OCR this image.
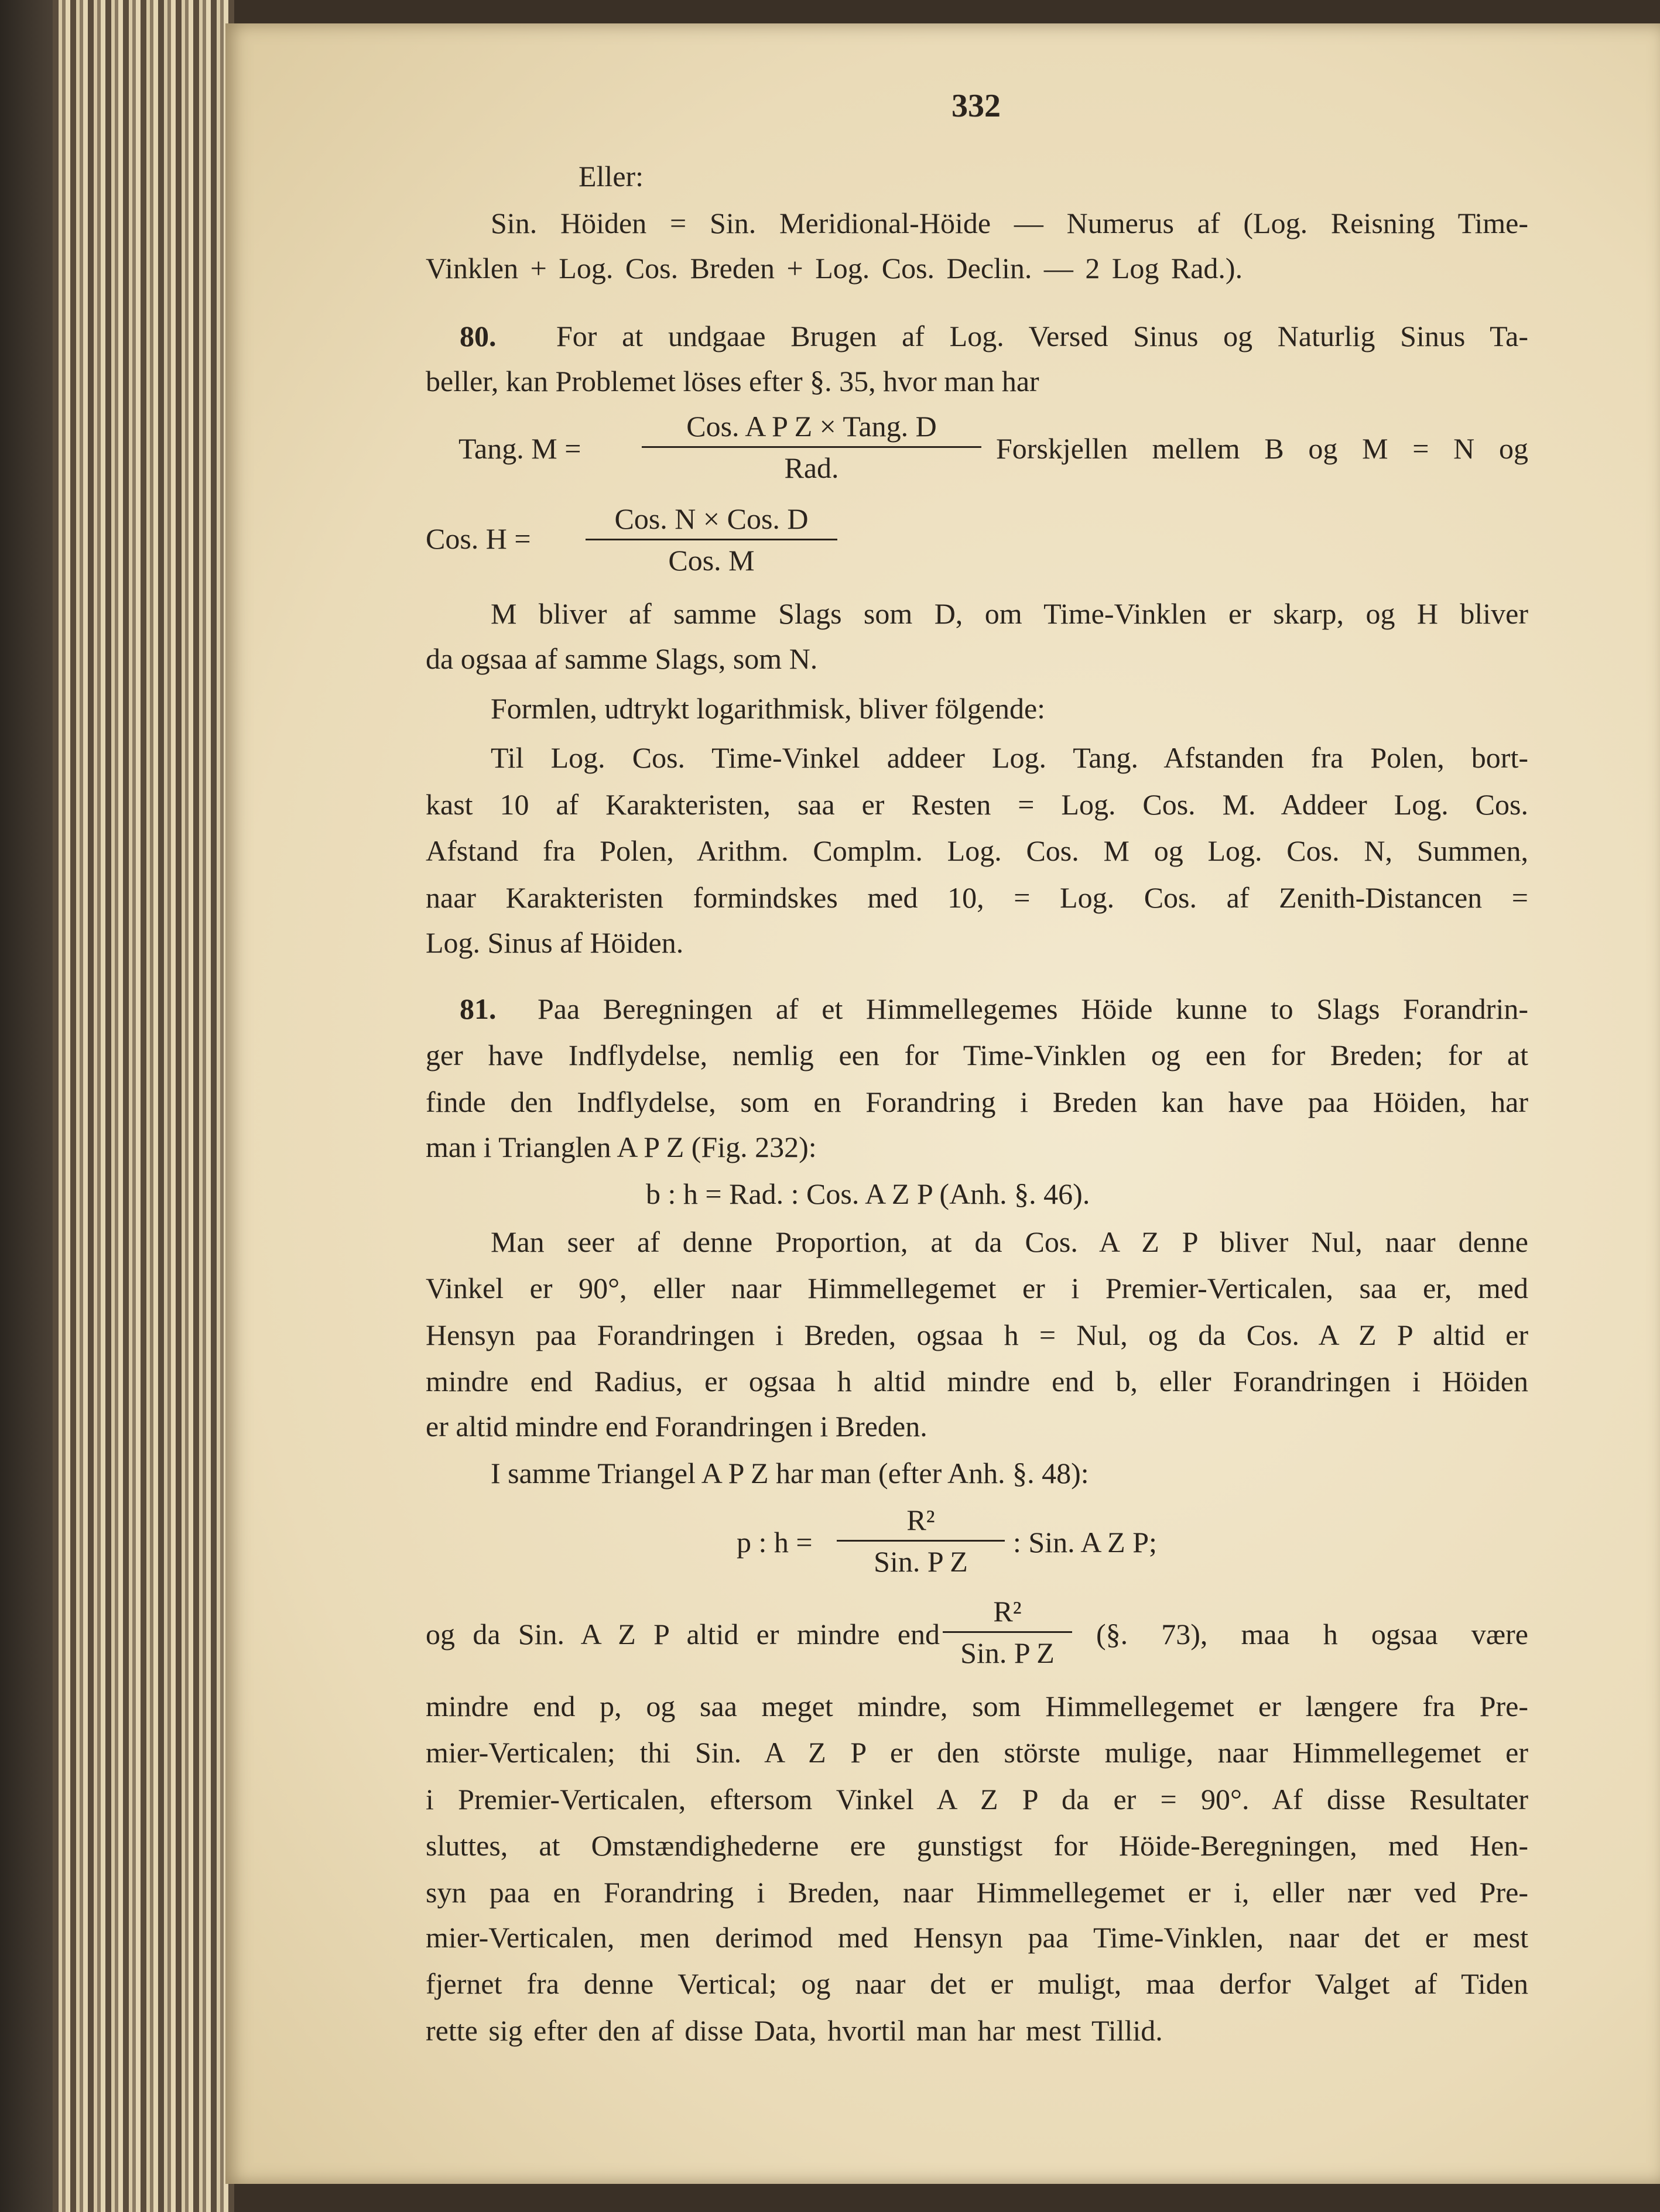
332
Eller:
Sin. Höiden = Sin. Meridional-Höide — Numerus af (Log. Reisning Time-
Vinklen + Log. Cos. Breden + Log. Cos. Declin. — 2 Log Rad.).
80. For at undgaae Brugen af Log. Versed Sinus og Naturlig Sinus Ta-
beller, kan Problemet löses efter §. 35, hvor man har
Tang. M =
Cos. A P Z × Tang. D
Rad.
Forskjellen mellem B og M = N og
Cos. H =
Cos. N × Cos. D
Cos. M
M bliver af samme Slags som D, om Time-Vinklen er skarp, og H bliver
da ogsaa af samme Slags, som N.
Formlen, udtrykt logarithmisk, bliver fölgende:
Til Log. Cos. Time-Vinkel addeer Log. Tang. Afstanden fra Polen, bort-
kast 10 af Karakteristen, saa er Resten = Log. Cos. M. Addeer Log. Cos.
Afstand fra Polen, Arithm. Complm. Log. Cos. M og Log. Cos. N, Summen,
naar Karakteristen formindskes med 10, = Log. Cos. af Zenith-Distancen =
Log. Sinus af Höiden.
81. Paa Beregningen af et Himmellegemes Höide kunne to Slags Forandrin-
ger have Indflydelse, nemlig een for Time-Vinklen og een for Breden; for at
finde den Indflydelse, som en Forandring i Breden kan have paa Höiden, har
man i Trianglen A P Z (Fig. 232):
b : h = Rad. : Cos. A Z P (Anh. §. 46).
Man seer af denne Proportion, at da Cos. A Z P bliver Nul, naar denne
Vinkel er 90°, eller naar Himmellegemet er i Premier-Verticalen, saa er, med
Hensyn paa Forandringen i Breden, ogsaa h = Nul, og da Cos. A Z P altid er
mindre end Radius, er ogsaa h altid mindre end b, eller Forandringen i Höiden
er altid mindre end Forandringen i Breden.
I samme Triangel A P Z har man (efter Anh. §. 48):
p : h =
R²
Sin. P Z
: Sin. A Z P;
og da Sin. A Z P altid er mindre end
R²
Sin. P Z
(§. 73), maa h ogsaa være
mindre end p, og saa meget mindre, som Himmellegemet er længere fra Pre-
mier-Verticalen; thi Sin. A Z P er den störste mulige, naar Himmellegemet er
i Premier-Verticalen, eftersom Vinkel A Z P da er = 90°. Af disse Resultater
sluttes, at Omstændighederne ere gunstigst for Höide-Beregningen, med Hen-
syn paa en Forandring i Breden, naar Himmellegemet er i, eller nær ved Pre-
mier-Verticalen, men derimod med Hensyn paa Time-Vinklen, naar det er mest
fjernet fra denne Vertical; og naar det er muligt, maa derfor Valget af Tiden
rette sig efter den af disse Data, hvortil man har mest Tillid.
